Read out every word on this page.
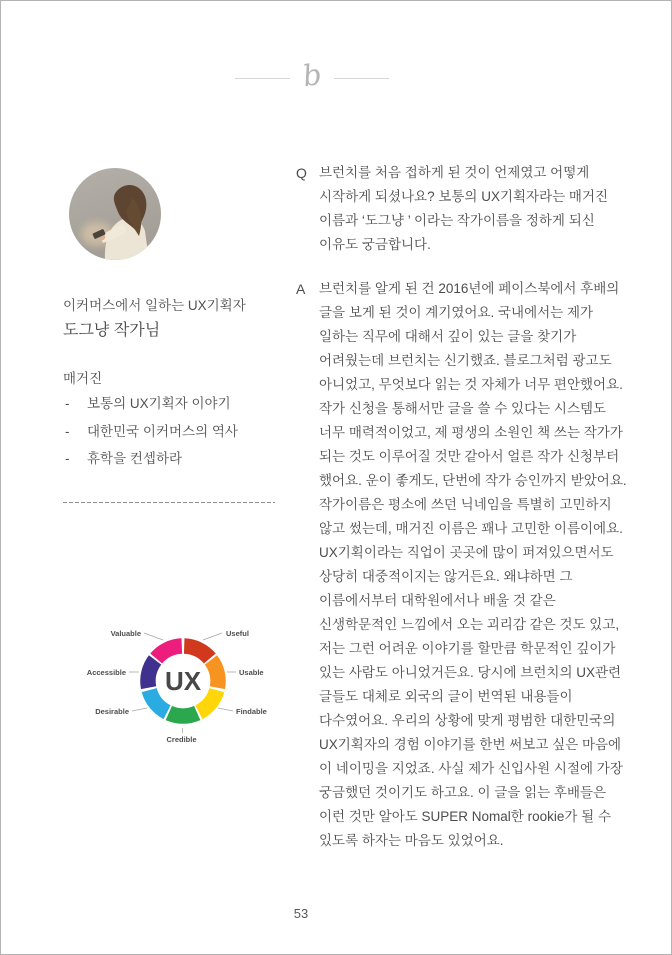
b
이커머스에서 일하는 UX기획자
도그냥 작가님
매거진
-	보통의 UX기획자 이야기
-	대한민국 이커머스의 역사
-	휴학을 컨셉하라
Useful
Usable
Findable
Credible
Desirable
Accessible
Valuable
UX
Q 브런치를 처음 접하게 된 것이 언제였고 어떻게
시작하게 되셨나요? 보통의 UX기획자라는 매거진
이름과 ‘도그냥 ’ 이라는 작가이름을 정하게 되신
이유도 궁금합니다.
A	브런치를 알게 된 건 2016년에 페이스북에서 후배의
글을 보게 된 것이 계기였어요. 국내에서는 제가
일하는 직무에 대해서 깊이 있는 글을 찾기가
어려웠는데 브런치는 신기했죠. 블로그처럼 광고도
아니었고, 무엇보다 읽는 것 자체가 너무 편안했어요.
작가 신청을 통해서만 글을 쓸 수 있다는 시스템도
너무 매력적이었고, 제 평생의 소원인 책 쓰는 작가가
되는 것도 이루어질 것만 같아서 얼른 작가 신청부터
했어요. 운이 좋게도, 단번에 작가 승인까지 받았어요.
작가이름은 평소에 쓰던 닉네임을 특별히 고민하지
않고 썼는데, 매거진 이름은 꽤나 고민한 이름이에요.
UX기획이라는 직업이 곳곳에 많이 퍼져있으면서도
상당히 대중적이지는 않거든요. 왜냐하면 그
이름에서부터 대학원에서나 배울 것 같은
신생학문적인 느낌에서 오는 괴리감 같은 것도 있고,
저는 그런 어려운 이야기를 할만큼 학문적인 깊이가
있는 사람도 아니었거든요. 당시에 브런치의 UX관련
글들도 대체로 외국의 글이 번역된 내용들이
다수였어요. 우리의 상황에 맞게 평범한 대한민국의
UX기획자의 경험 이야기를 한번 써보고 싶은 마음에
이 네이밍을 지었죠. 사실 제가 신입사원 시절에 가장
궁금했던 것이기도 하고요. 이 글을 읽는 후배들은
이런 것만 알아도 SUPER Nomal한 rookie가 될 수
있도록 하자는 마음도 있었어요.
53
